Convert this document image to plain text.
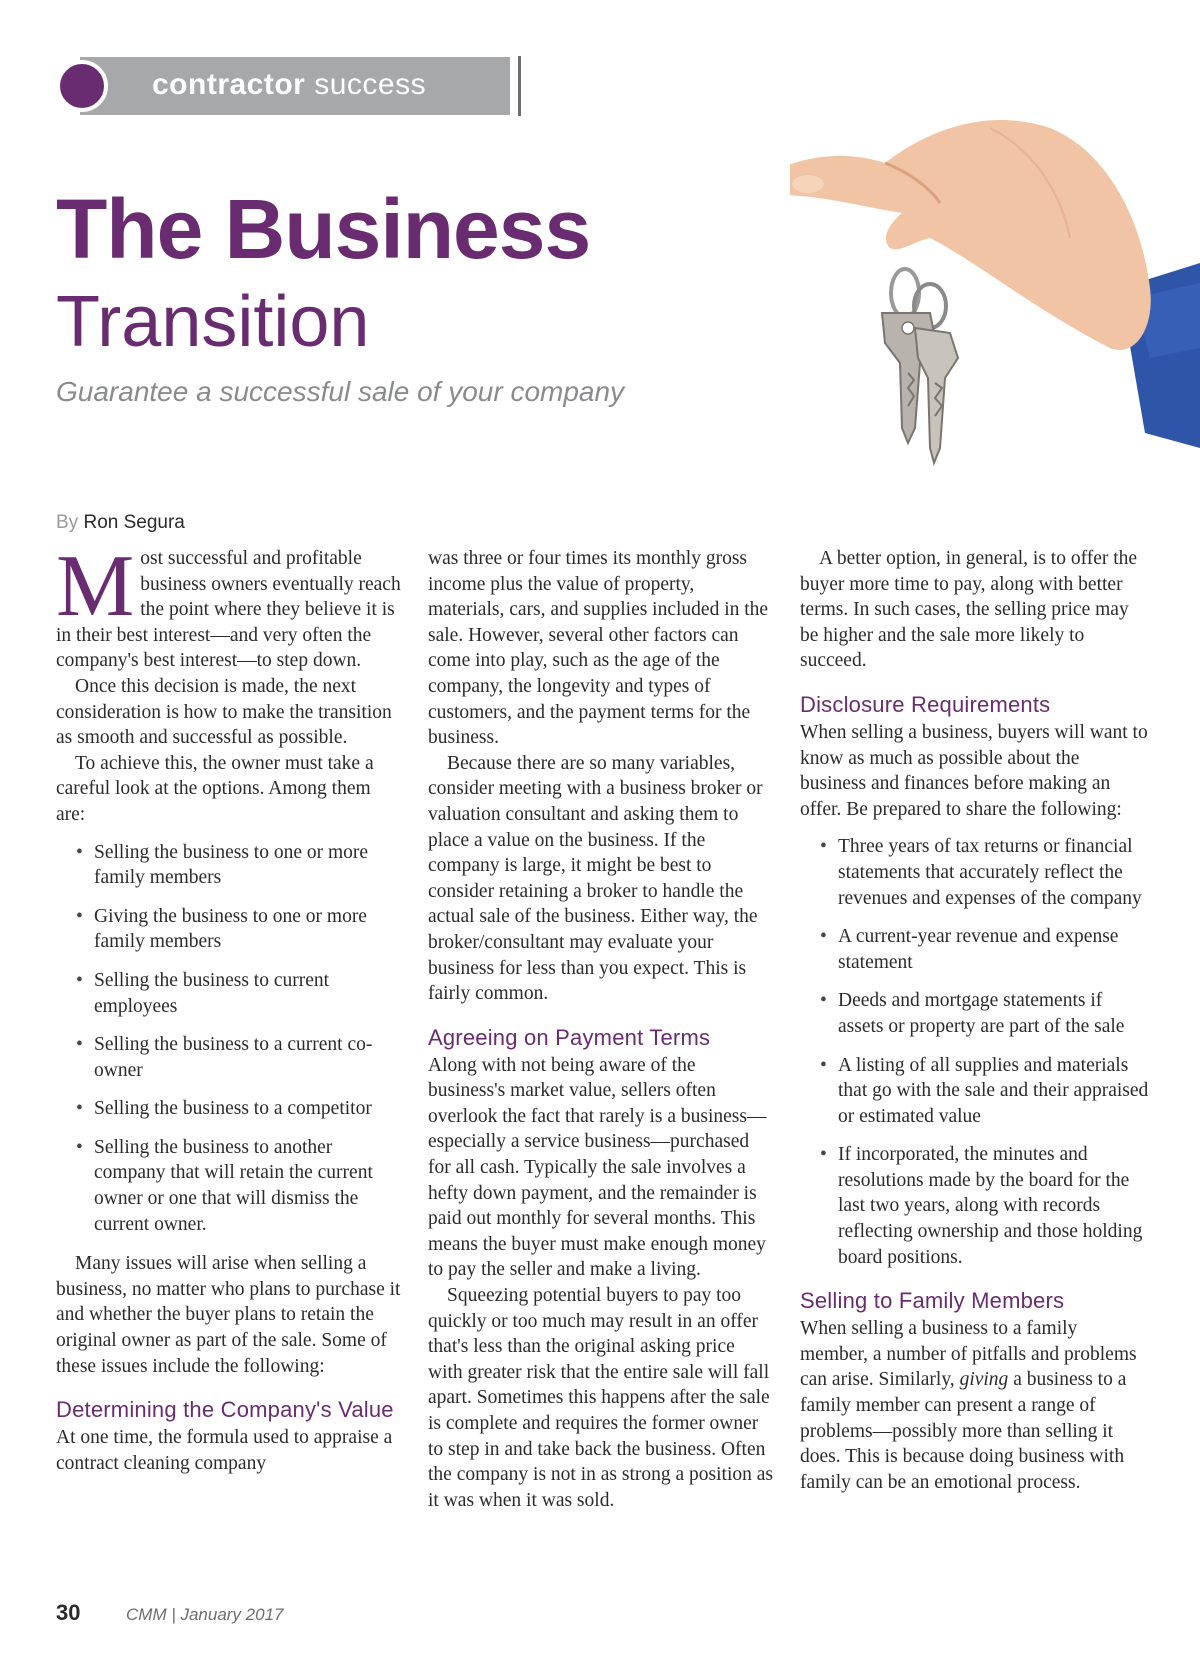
contractor success
The Business
Transition
Guarantee a successful sale of your company
By Ron Segura

Most successful and profitable business owners eventually reach the point where they believe it is in their best interest—and very often the company's best interest—to step down.

Once this decision is made, the next consideration is how to make the transition as smooth and successful as possible.

To achieve this, the owner must take a careful look at the options. Among them are:

• Selling the business to one or more family members
• Giving the business to one or more family members
• Selling the business to current employees
• Selling the business to a current co-owner
• Selling the business to a competitor
• Selling the business to another company that will retain the current owner or one that will dismiss the current owner.

Many issues will arise when selling a business, no matter who plans to purchase it and whether the buyer plans to retain the original owner as part of the sale. Some of these issues include the following:

Determining the Company's Value

At one time, the formula used to appraise a contract cleaning company

was three or four times its monthly gross income plus the value of property, materials, cars, and supplies included in the sale. However, several other factors can come into play, such as the age of the company, the longevity and types of customers, and the payment terms for the business.

Because there are so many variables, consider meeting with a business broker or valuation consultant and asking them to place a value on the business. If the company is large, it might be best to consider retaining a broker to handle the actual sale of the business. Either way, the broker/consultant may evaluate your business for less than you expect. This is fairly common.

Agreeing on Payment Terms

Along with not being aware of the business's market value, sellers often overlook the fact that rarely is a business—especially a service business—purchased for all cash. Typically the sale involves a hefty down payment, and the remainder is paid out monthly for several months. This means the buyer must make enough money to pay the seller and make a living.

Squeezing potential buyers to pay too quickly or too much may result in an offer that's less than the original asking price with greater risk that the entire sale will fall apart. Sometimes this happens after the sale is complete and requires the former owner to step in and take back the business. Often the company is not in as strong a position as it was when it was sold.

A better option, in general, is to offer the buyer more time to pay, along with better terms. In such cases, the selling price may be higher and the sale more likely to succeed.

Disclosure Requirements

When selling a business, buyers will want to know as much as possible about the business and finances before making an offer. Be prepared to share the following:

• Three years of tax returns or financial statements that accurately reflect the revenues and expenses of the company
• A current-year revenue and expense statement
• Deeds and mortgage statements if assets or property are part of the sale
• A listing of all supplies and materials that go with the sale and their appraised or estimated value
• If incorporated, the minutes and resolutions made by the board for the last two years, along with records reflecting ownership and those holding board positions.
Selling to Family Members

When selling a business to a family member, a number of pitfalls and problems can arise. Similarly, giving a business to a family member can present a range of problems—possibly more than selling it does. This is because doing business with family can be an emotional process.

30	CMM | January 2017
